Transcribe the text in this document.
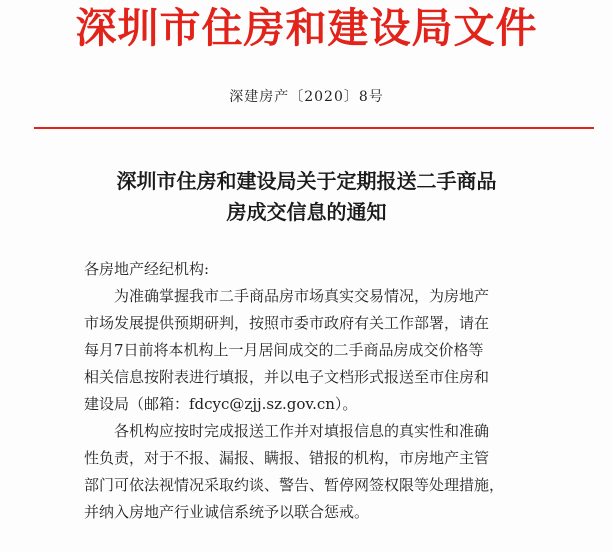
深圳市住房和建设局文件
深建房产〔2020〕8号
深圳市住房和建设局关于定期报送二手商品
房成交信息的通知
各房地产经纪机构:
为准确掌握我市二手商品房市场真实交易情况，为房地产
市场发展提供预期研判，按照市委市政府有关工作部署，请在
每月7日前将本机构上一月居间成交的二手商品房成交价格等
相关信息按附表进行填报，并以电子文档形式报送至市住房和
建设局（邮箱：fdcyc@zjj.sz.gov.cn）。
各机构应按时完成报送工作并对填报信息的真实性和准确
性负责，对于不报、漏报、瞒报、错报的机构，市房地产主管
部门可依法视情况采取约谈、警告、暂停网签权限等处理措施，
并纳入房地产行业诚信系统予以联合惩戒。
